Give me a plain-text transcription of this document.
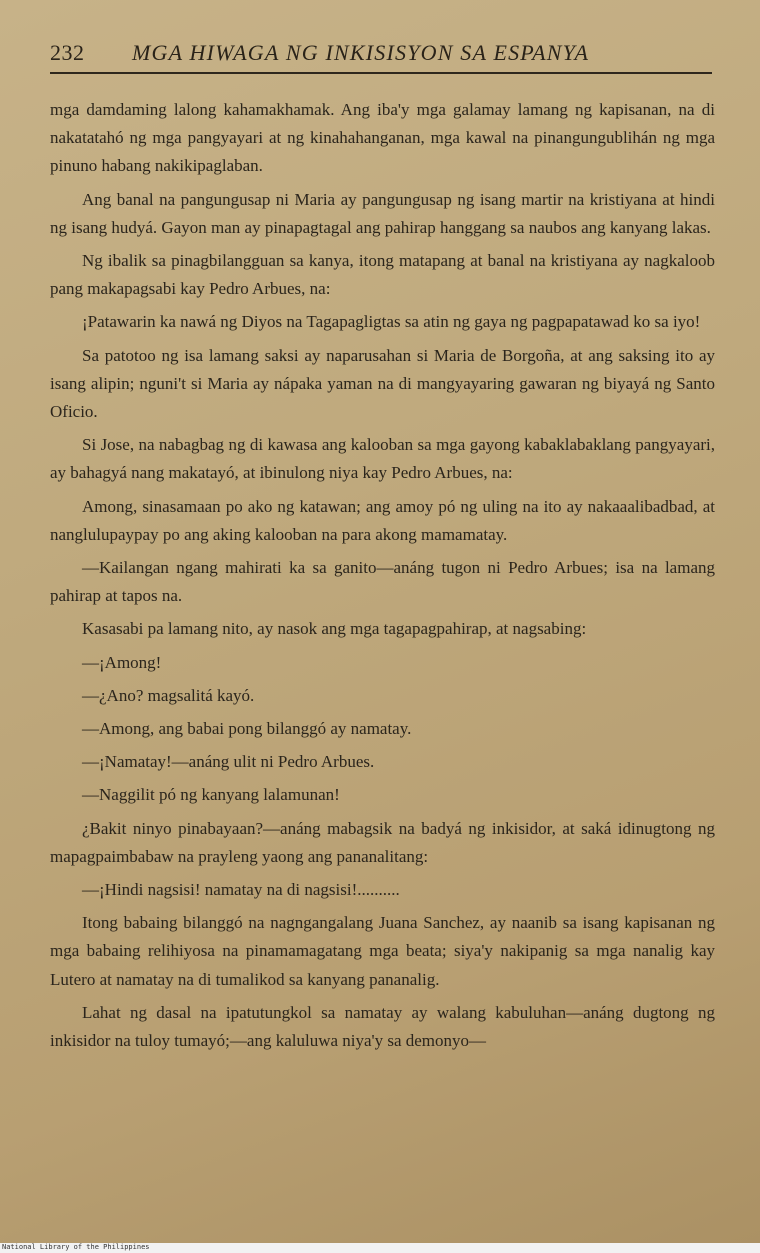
232 MGA HIWAGA NG INKISISYON SA ESPANYA

mga damdaming lalong kahamakhamak. Ang iba'y mga galamay lamang ng kapisanan, na di nakatatahó ng mga pangyayari at ng kinahahanganan, mga kawal na pinangungublihán ng mga pinuno habang nakikipaglaban.

Ang banal na pangungusap ni Maria ay pangungusap ng isang martir na kristiyana at hindi ng isang hudyá. Gayon man ay pinapagtagal ang pahirap hanggang sa naubos ang kanyang lakas.

Ng ibalik sa pinagbilangguan sa kanya, itong matapang at banal na kristiyana ay nagkaloob pang makapagsabi kay Pedro Arbues, na:

¡Patawarin ka nawá ng Diyos na Tagapagligtas sa atin ng gaya ng pagpapatawad ko sa iyo!

Sa patotoo ng isa lamang saksi ay naparusahan si Maria de Borgoña, at ang saksing ito ay isang alipin; nguni't si Maria ay nápaka yaman na di mangyayaring gawaran ng biyayá ng Santo Oficio.

Si Jose, na nabagbag ng di kawasa ang kalooban sa mga gayong kabaklabaklang pangyayari, ay bahagyá nang makatayó, at ibinulong niya kay Pedro Arbues, na:

Among, sinasamaan po ako ng katawan; ang amoy pó ng uling na ito ay nakaaalibadbad, at nanglulupaypay po ang aking kalooban na para akong mamamatay.

—Kailangan ngang mahirati ka sa ganito—anáng tugon ni Pedro Arbues; isa na lamang pahirap at tapos na.

Kasasabi pa lamang nito, ay nasok ang mga tagapagpahirap, at nagsabing:

—¡Among!

—¿Ano? magsalitá kayó.

—Among, ang babai pong bilanggó ay namatay.

—¡Namatay!—anáng ulit ni Pedro Arbues.

—Naggilit pó ng kanyang lalamunan!

¿Bakit ninyo pinabayaan?—anáng mabagsik na badyá ng inkisidor, at saká idinugtong ng mapagpaimbabaw na prayleng yaong ang pananalitang:

—¡Hindi nagsisi! namatay na di nagsisi!..........

Itong babaing bilanggó na nagngangalang Juana Sanchez, ay naanib sa isang kapisanan ng mga babaing relihiyosa na pinamamagatang mga beata; siya'y nakipanig sa mga nanalig kay Lutero at namatay na di tumalikod sa kanyang pananalig.

Lahat ng dasal na ipatutungkol sa namatay ay walang kabuluhan—anáng dugtong ng inkisidor na tuloy tumayó;—ang kaluluwa niya'y sa demonyo—

National Library of the Philippines
